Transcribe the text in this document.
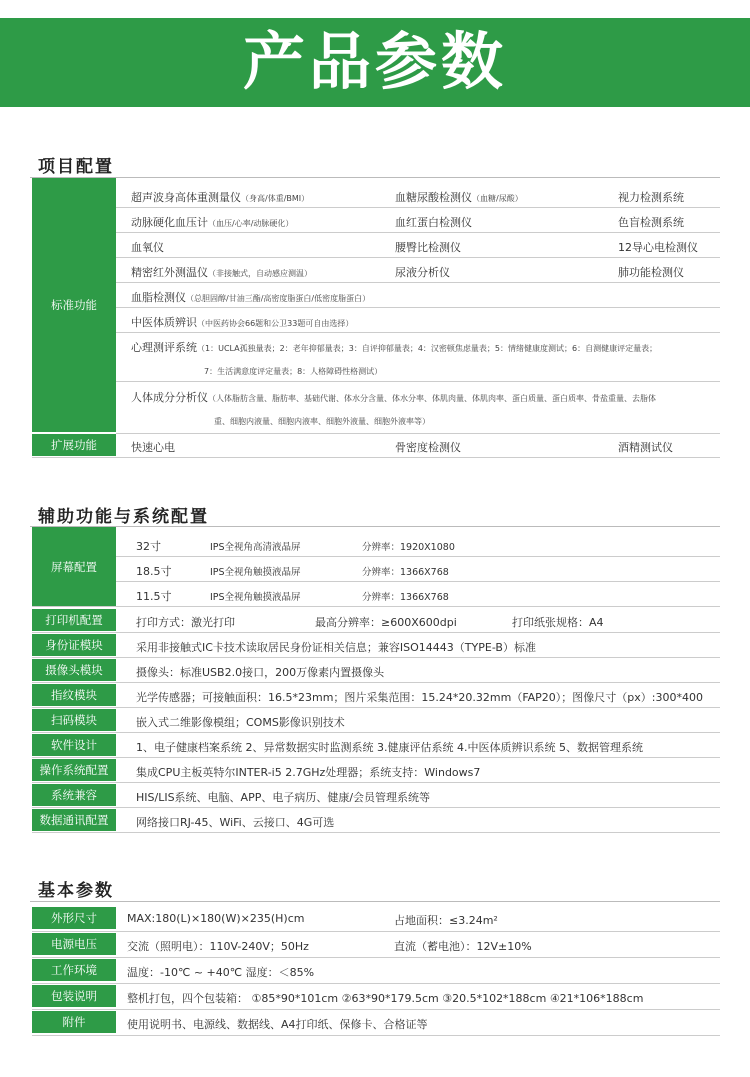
产品参数
项目配置
标准功能
超声波身高体重测量仪（身高/体重/BMI）	血糖尿酸检测仪（血糖/尿酸）	视力检测系统
动脉硬化血压计（血压/心率/动脉硬化）	血红蛋白检测仪	色盲检测系统
血氧仪	腰臀比检测仪	12导心电检测仪
精密红外测温仪（非接触式，自动感应测温）	尿液分析仪	肺功能检测仪
血脂检测仪（总胆固醇/甘油三酯/高密度脂蛋白/低密度脂蛋白）
中医体质辨识（中医药协会66题和公卫33题可自由选择）
心理测评系统（1：UCLA孤独量表；2：老年抑郁量表；3：自评抑郁量表；4：汉密顿焦虑量表；5：情绪健康度测试；6：自测健康评定量表；
7：生活满意度评定量表；8：人格障碍性格测试）
人体成分分析仪（人体脂肪含量、脂肪率、基础代谢、体水分含量、体水分率、体肌肉量、体肌肉率、蛋白质量、蛋白质率、骨盐重量、去脂体
重、细胞内液量、细胞内液率、细胞外液量、细胞外液率等）
扩展功能	快速心电	骨密度检测仪	酒精测试仪
辅助功能与系统配置
屏幕配置
32寸	IPS全视角高清液晶屏	分辨率：1920X1080
18.5寸	IPS全视角触摸液晶屏	分辨率：1366X768
11.5寸	IPS全视角触摸液晶屏	分辨率：1366X768
打印机配置	打印方式：激光打印	最高分辨率：≥600X600dpi	打印纸张规格：A4
身份证模块	采用非接触式IC卡技术读取居民身份证相关信息；兼容ISO14443（TYPE-B）标准
摄像头模块	摄像头：标准USB2.0接口，200万像素内置摄像头
指纹模块	光学传感器；可接触面积：16.5*23mm；图片采集范围：15.24*20.32mm（FAP20）；图像尺寸（px）:300*400
扫码模块	嵌入式二维影像模组；COMS影像识别技术
软件设计	1、电子健康档案系统 2、异常数据实时监测系统 3.健康评估系统 4.中医体质辨识系统 5、数据管理系统
操作系统配置	集成CPU主板英特尔INTER-i5 2.7GHz处理器；系统支持：Windows7
系统兼容	HIS/LIS系统、电脑、APP、电子病历、健康/会员管理系统等
数据通讯配置	网络接口RJ-45、WiFi、云接口、4G可选
基本参数
外形尺寸	MAX:180(L)×180(W)×235(H)cm	占地面积：≤3.24m²
电源电压	交流（照明电）：110V-240V；50Hz	直流（蓄电池）：12V±10%
工作环境	温度：-10℃ ~ +40℃ 湿度：＜85%
包装说明	整机打包，四个包装箱： ①85*90*101cm ②63*90*179.5cm ③20.5*102*188cm ④21*106*188cm
附件	使用说明书、电源线、数据线、A4打印纸、保修卡、合格证等
